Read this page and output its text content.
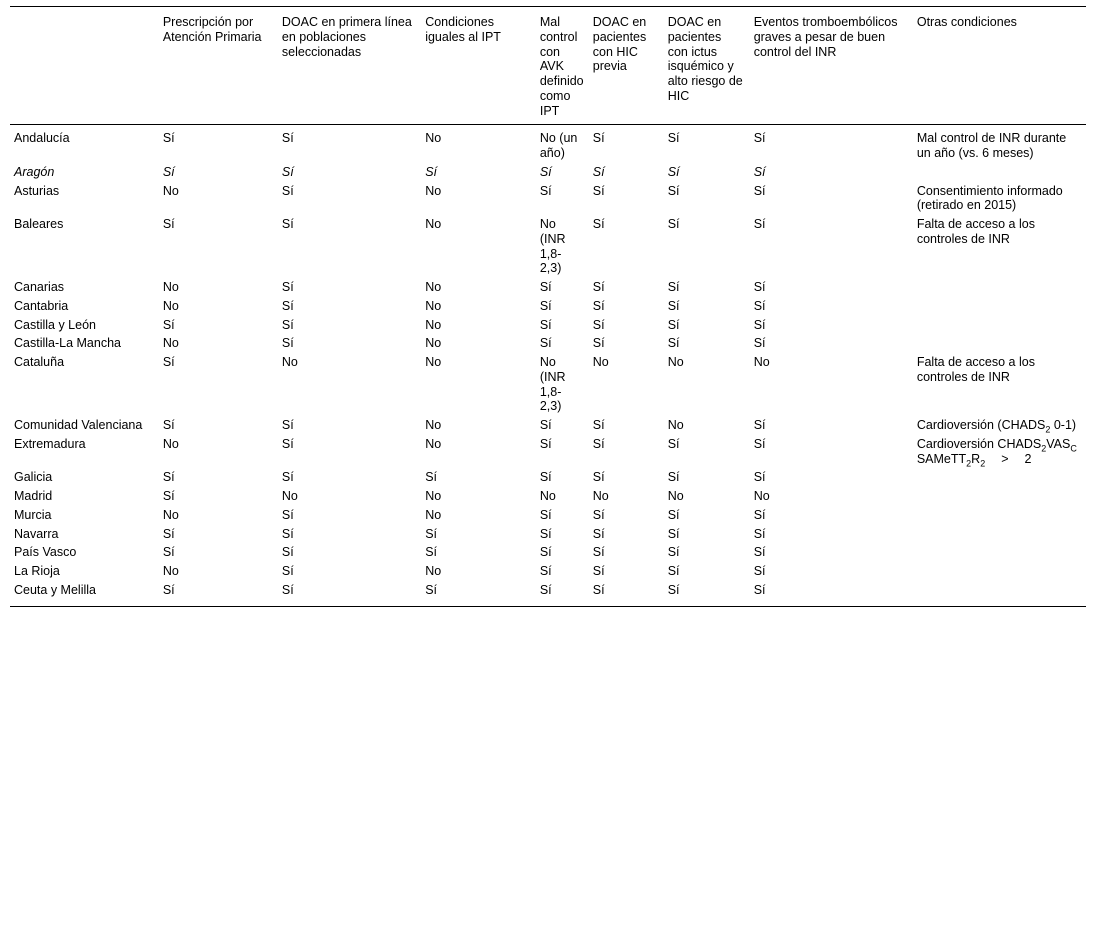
	Prescripción por Atención Primaria	DOAC en primera línea en poblaciones seleccionadas	Condiciones iguales al IPT	Mal control con AVK definido como IPT	DOAC en pacientes con HIC previa	DOAC en pacientes con ictus isquémico y alto riesgo de HIC	Eventos tromboembólicos graves a pesar de buen control del INR	Otras condiciones
Andalucía	Sí	Sí	No	No (un año)	Sí	Sí	Sí	Mal control de INR durante un año (vs. 6 meses)
Aragón	Sí	Sí	Sí	Sí	Sí	Sí	Sí	
Asturias	No	Sí	No	Sí	Sí	Sí	Sí	Consentimiento informado (retirado en 2015)
Baleares	Sí	Sí	No	No (INR 1,8-2,3)	Sí	Sí	Sí	Falta de acceso a los controles de INR
Canarias	No	Sí	No	Sí	Sí	Sí	Sí	
Cantabria	No	Sí	No	Sí	Sí	Sí	Sí	
Castilla y León	Sí	Sí	No	Sí	Sí	Sí	Sí	
Castilla-La Mancha	No	Sí	No	Sí	Sí	Sí	Sí	
Cataluña	Sí	No	No	No (INR 1,8-2,3)	No	No	No	Falta de acceso a los controles de INR
Comunidad Valenciana	Sí	Sí	No	Sí	Sí	No	Sí	Cardioversión ($CHADS_2$ 0-1)
Extremadura	No	Sí	No	Sí	Sí	Sí	Sí	Cardioversión $CHADS_2VAS_C$ $SAMeTT_2R_2 > 2$
Galicia	Sí	Sí	Sí	Sí	Sí	Sí	Sí	
Madrid	Sí	No	No	No	No	No	No	
Murcia	No	Sí	No	Sí	Sí	Sí	Sí	
Navarra	Sí	Sí	Sí	Sí	Sí	Sí	Sí	
País Vasco	Sí	Sí	Sí	Sí	Sí	Sí	Sí	
La Rioja	No	Sí	No	Sí	Sí	Sí	Sí	
Ceuta y Melilla	Sí	Sí	Sí	Sí	Sí	Sí	Sí	
